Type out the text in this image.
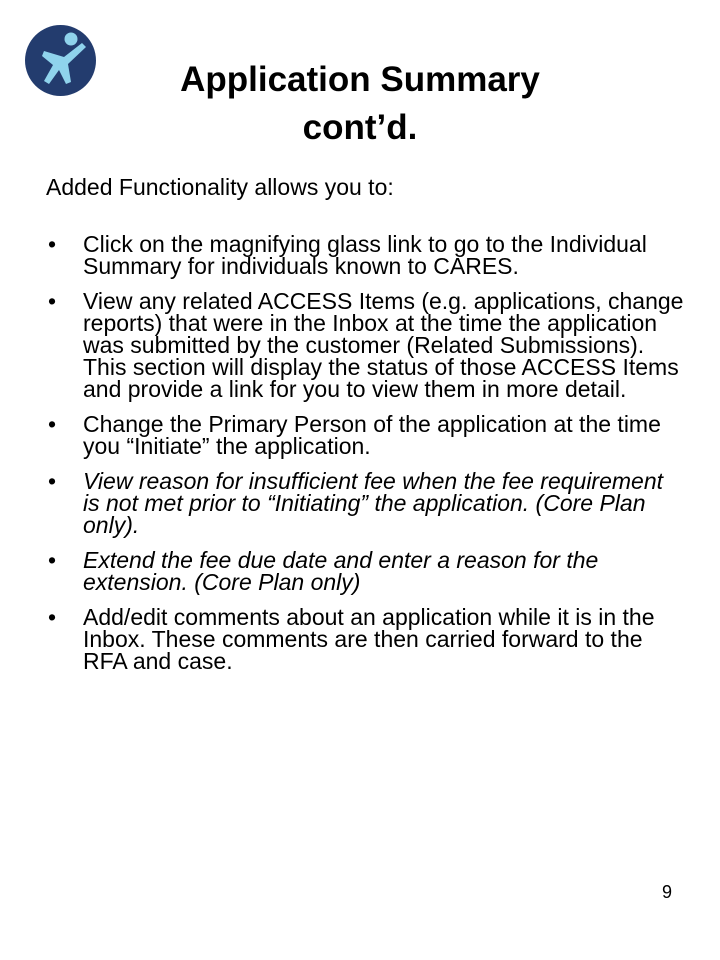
Application Summary
cont’d.

Added Functionality allows you to:

• Click on the magnifying glass link to go to the Individual Summary for individuals known to CARES.
• View any related ACCESS Items (e.g. applications, change reports) that were in the Inbox at the time the application was submitted by the customer (Related Submissions). This section will display the status of those ACCESS Items and provide a link for you to view them in more detail.
• Change the Primary Person of the application at the time you “Initiate” the application.
• View reason for insufficient fee when the fee requirement is not met prior to “Initiating” the application. (Core Plan only).
• Extend the fee due date and enter a reason for the extension. (Core Plan only)
• Add/edit comments about an application while it is in the Inbox. These comments are then carried forward to the RFA and case.
9
